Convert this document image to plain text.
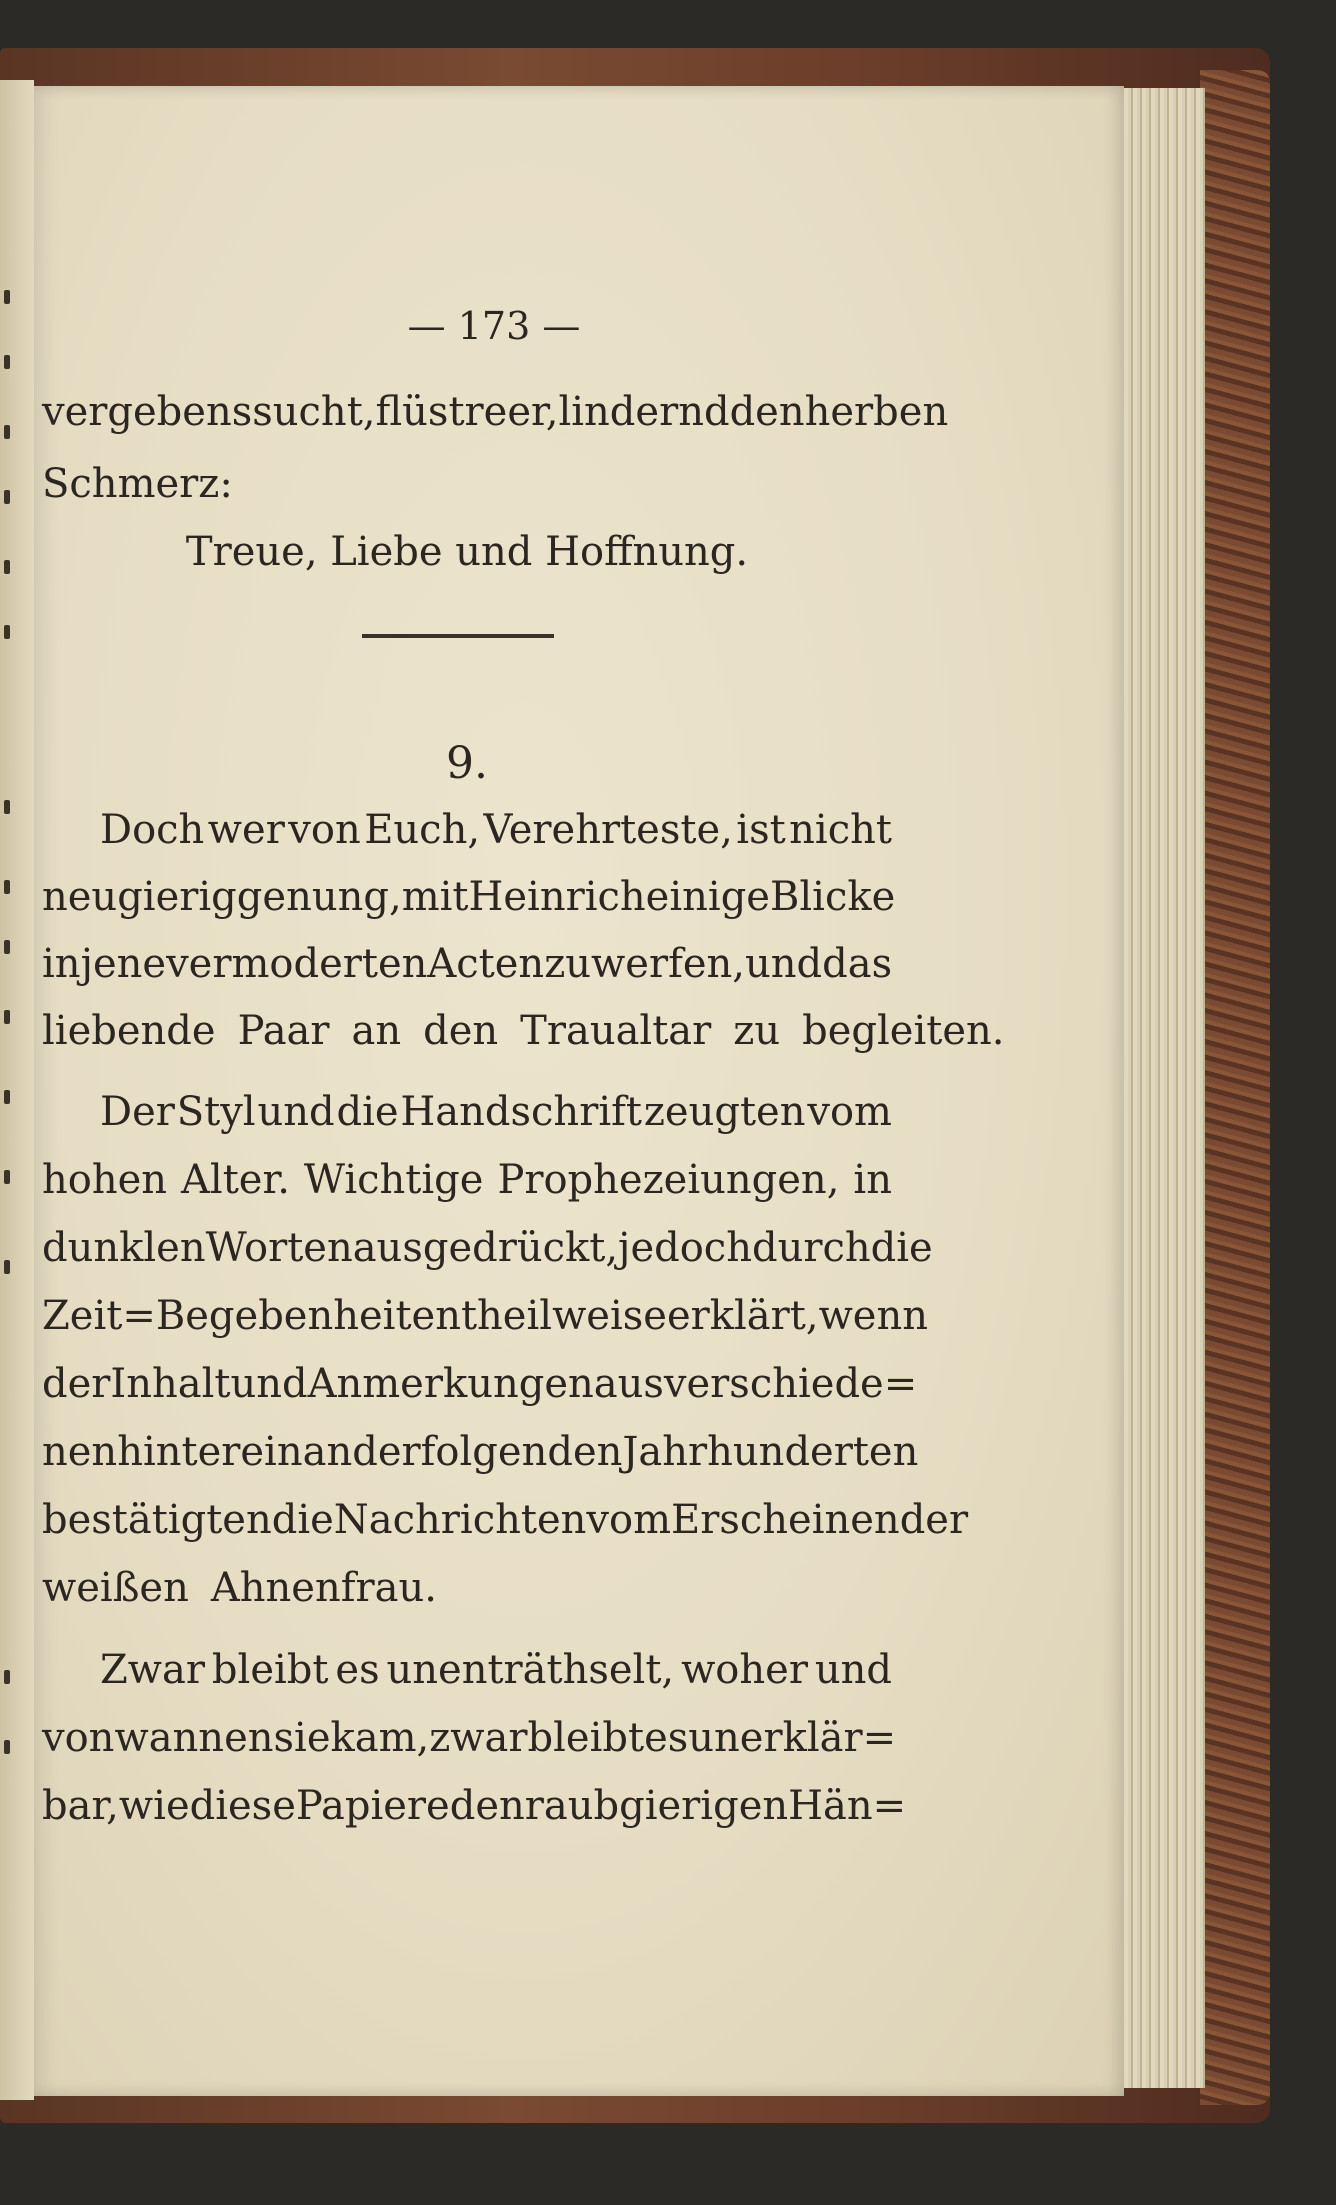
— 173 —
vergebens sucht, flüstre er, lindernd den herben
Schmerz:
Treue, Liebe und Hoffnung.
9.
Doch wer von Euch, Verehrteste, ist nicht
neugierig genung, mit Heinrich einige Blicke
in jene vermoderten Acten zu werfen, und das
liebende Paar an den Traualtar zu begleiten.
Der Styl und die Handschrift zeugten vom
hohen Alter. Wichtige Prophezeiungen, in
dunklen Worten ausgedrückt, jedoch durch die
Zeit=Begebenheiten theilweise erklärt, wenn
der Inhalt und Anmerkungen aus verschiede=
nen hintereinander folgenden Jahrhunderten
bestätigten die Nachrichten vom Erscheinen der
weißen Ahnenfrau.
Zwar bleibt es unenträthselt, woher und
von wannen sie kam, zwar bleibt es unerklär=
bar, wie diese Papiere den raubgierigen Hän=
